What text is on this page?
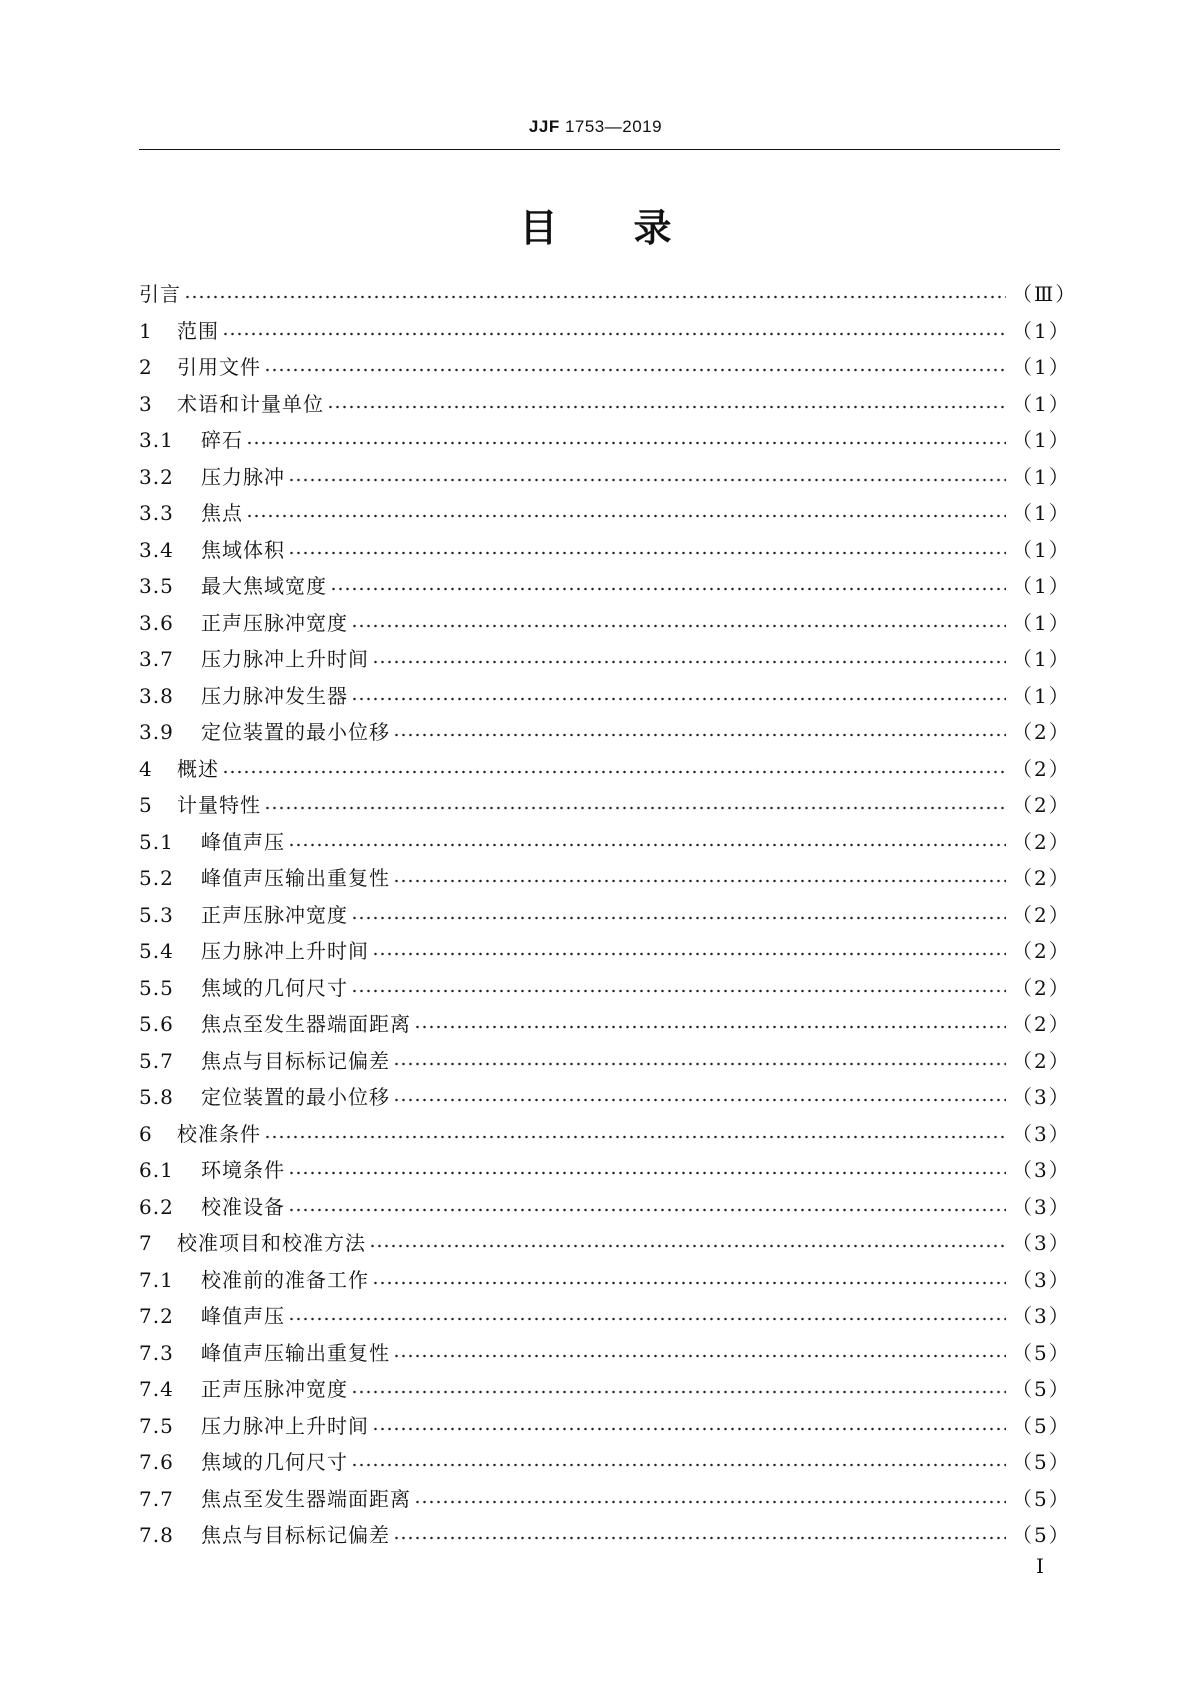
JJF 1753—2019
目　　录
引言	（Ⅲ）
1	范围	（1）
2	引用文件	（1）
3	术语和计量单位	（1）
3.1	碎石	（1）
3.2	压力脉冲	（1）
3.3	焦点	（1）
3.4	焦域体积	（1）
3.5	最大焦域宽度	（1）
3.6	正声压脉冲宽度	（1）
3.7	压力脉冲上升时间	（1）
3.8	压力脉冲发生器	（1）
3.9	定位装置的最小位移	（2）
4	概述	（2）
5	计量特性	（2）
5.1	峰值声压	（2）
5.2	峰值声压输出重复性	（2）
5.3	正声压脉冲宽度	（2）
5.4	压力脉冲上升时间	（2）
5.5	焦域的几何尺寸	（2）
5.6	焦点至发生器端面距离	（2）
5.7	焦点与目标标记偏差	（2）
5.8	定位装置的最小位移	（3）
6	校准条件	（3）
6.1	环境条件	（3）
6.2	校准设备	（3）
7	校准项目和校准方法	（3）
7.1	校准前的准备工作	（3）
7.2	峰值声压	（3）
7.3	峰值声压输出重复性	（5）
7.4	正声压脉冲宽度	（5）
7.5	压力脉冲上升时间	（5）
7.6	焦域的几何尺寸	（5）
7.7	焦点至发生器端面距离	（5）
7.8	焦点与目标标记偏差	（5）
Ⅰ
